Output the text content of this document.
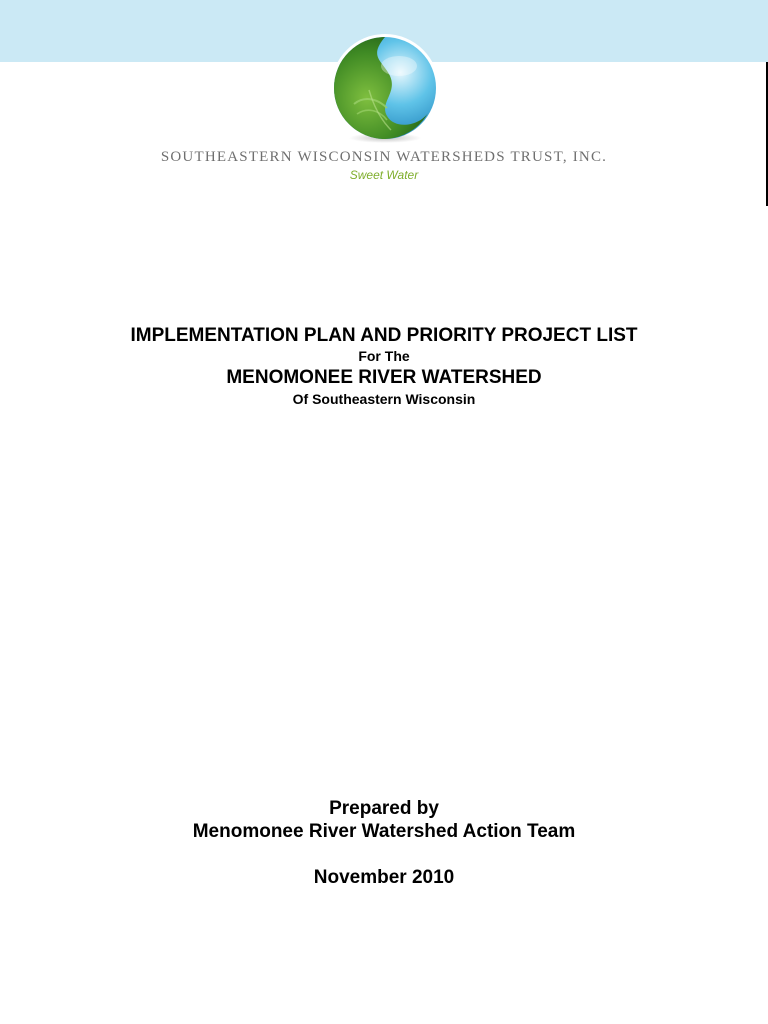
SOUTHEASTERN WISCONSIN WATERSHEDS TRUST, INC.
Sweet Water
IMPLEMENTATION PLAN AND PRIORITY PROJECT LIST
For The
MENOMONEE RIVER WATERSHED
Of Southeastern Wisconsin
Prepared by
Menomonee River Watershed Action Team
November 2010
